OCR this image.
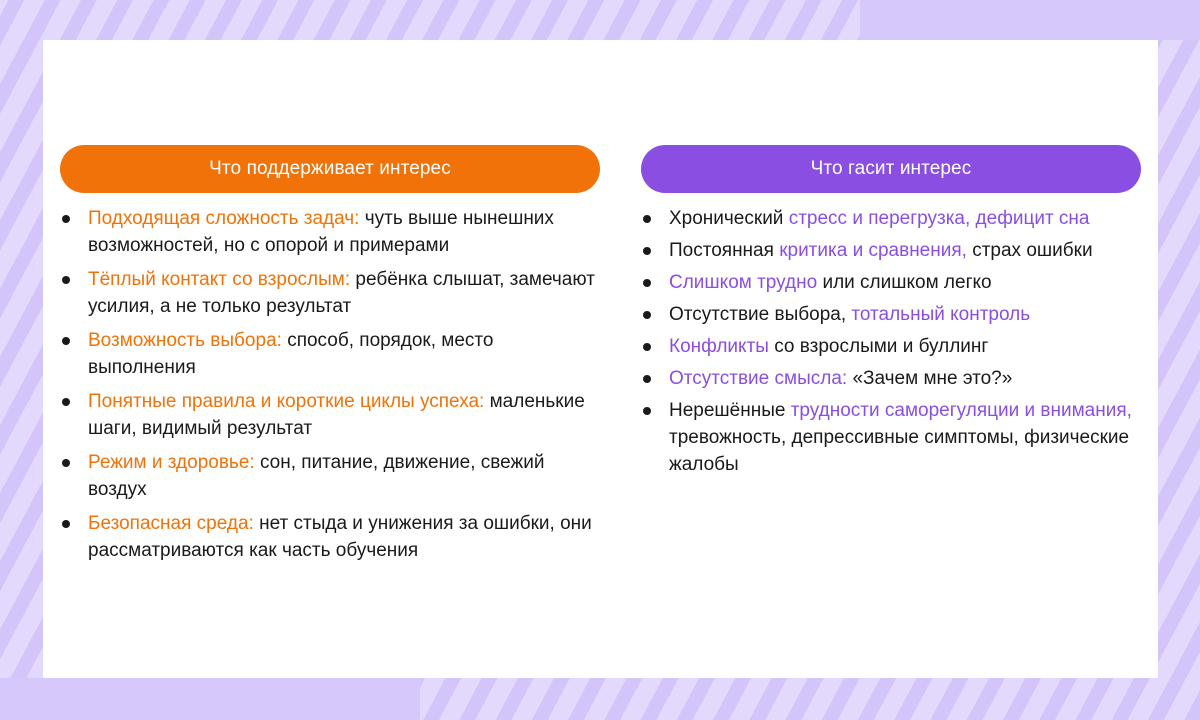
Что поддерживает интерес
Подходящая сложность задач: чуть выше нынешних возможностей, но с опорой и примерами
Тёплый контакт со взрослым: ребёнка слышат, замечают усилия, а не только результат
Возможность выбора: способ, порядок, место выполнения
Понятные правила и короткие циклы успеха: маленькие шаги, видимый результат
Режим и здоровье: сон, питание, движение, свежий воздух
Безопасная среда: нет стыда и унижения за ошибки, они рассматриваются как часть обучения
Что гасит интерес
Хронический стресс и перегрузка, дефицит сна
Постоянная критика и сравнения, страх ошибки
Слишком трудно или слишком легко
Отсутствие выбора, тотальный контроль
Конфликты со взрослыми и буллинг
Отсутствие смысла: «Зачем мне это?»
Нерешённые трудности саморегуляции и внимания, тревожность, депрессивные симптомы, физические жалобы
